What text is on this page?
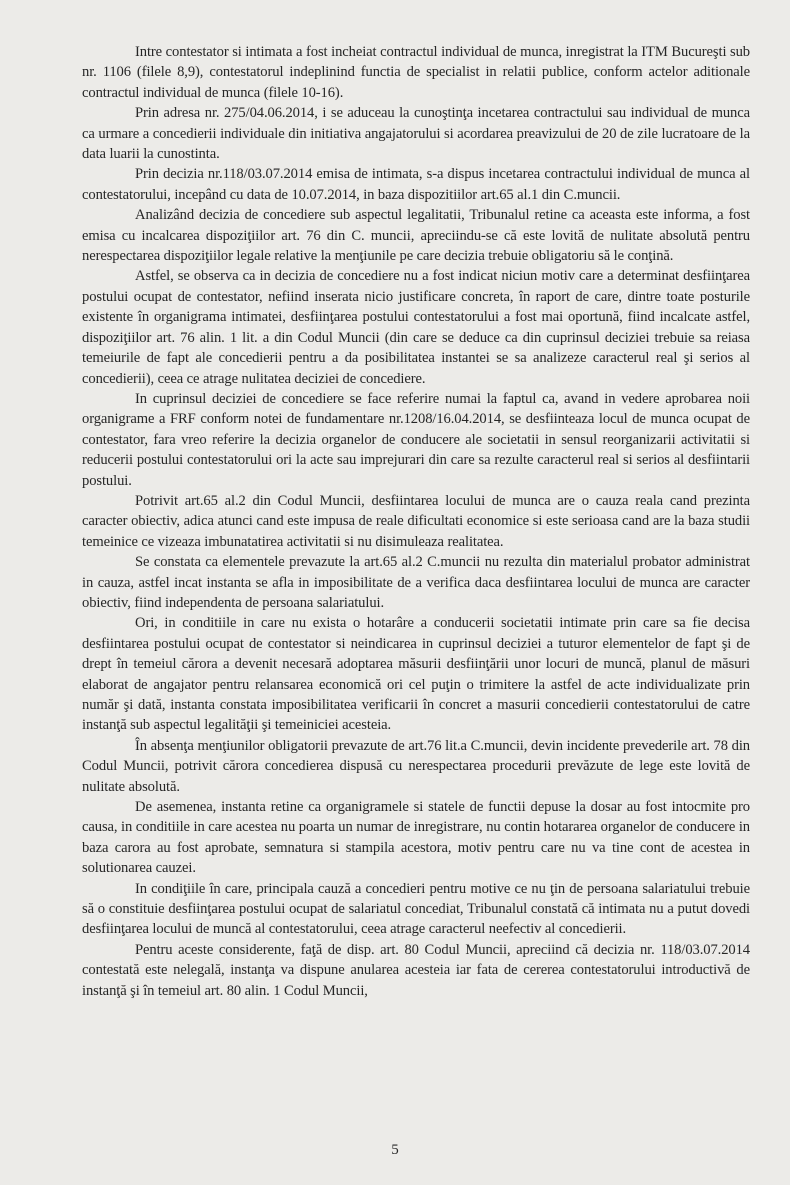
Intre contestator si intimata a fost incheiat contractul individual de munca, inregistrat la ITM Bucureşti sub nr. 1106 (filele 8,9), contestatorul indeplinind functia de specialist in relatii publice, conform actelor aditionale contractul individual de munca (filele 10-16).

Prin adresa nr. 275/04.06.2014, i se aduceau la cunoştinţa incetarea contractului sau individual de munca ca urmare a concedierii individuale din initiativa angajatorului si acordarea preavizului de 20 de zile lucratoare de la data luarii la cunostinta.

Prin decizia nr.118/03.07.2014 emisa de intimata, s-a dispus incetarea contractului individual de munca al contestatorului, incepând cu data de 10.07.2014, in baza dispozitiilor art.65 al.1 din C.muncii.

Analizând decizia de concediere sub aspectul legalitatii, Tribunalul retine ca aceasta este informa, a fost emisa cu incalcarea dispoziţiilor art. 76 din C. muncii, apreciindu-se că este lovită de nulitate absolută pentru nerespectarea dispoziţiilor legale relative la menţiunile pe care decizia trebuie obligatoriu să le conţină.

Astfel, se observa ca in decizia de concediere nu a fost indicat niciun motiv care a determinat desfiinţarea postului ocupat de contestator, nefiind inserata nicio justificare concreta, în raport de care, dintre toate posturile existente în organigrama intimatei, desfiinţarea postului contestatorului a fost mai oportună, fiind incalcate astfel, dispoziţiilor art. 76 alin. 1 lit. a din Codul Muncii (din care se deduce ca din cuprinsul deciziei trebuie sa reiasa temeiurile de fapt ale concedierii pentru a da posibilitatea instantei se sa analizeze caracterul real şi serios al concedierii), ceea ce atrage nulitatea deciziei de concediere.

In cuprinsul deciziei de concediere se face referire numai la faptul ca, avand in vedere aprobarea noii organigrame a FRF conform notei de fundamentare nr.1208/16.04.2014, se desfiinteaza locul de munca ocupat de contestator, fara vreo referire la decizia organelor de conducere ale societatii in sensul reorganizarii activitatii si reducerii postului contestatorului ori la acte sau imprejurari din care sa rezulte caracterul real si serios al desfiintarii postului.

Potrivit art.65 al.2 din Codul Muncii, desfiintarea locului de munca are o cauza reala cand prezinta caracter obiectiv, adica atunci cand este impusa de reale dificultati economice si este serioasa cand are la baza studii temeinice ce vizeaza imbunatatirea activitatii si nu disimuleaza realitatea.

Se constata ca elementele prevazute la art.65 al.2 C.muncii nu rezulta din materialul probator administrat in cauza, astfel incat instanta se afla in imposibilitate de a verifica daca desfiintarea locului de munca are caracter obiectiv, fiind independenta de persoana salariatului.

Ori, in conditiile in care nu exista o hotarâre a conducerii societatii intimate prin care sa fie decisa desfiintarea postului ocupat de contestator si neindicarea in cuprinsul deciziei a tuturor elementelor de fapt şi de drept în temeiul cărora a devenit necesară adoptarea măsurii desfiinţării unor locuri de muncă, planul de măsuri elaborat de angajator pentru relansarea economică ori cel puţin o trimitere la astfel de acte individualizate prin număr şi dată, instanta constata imposibilitatea verificarii în concret a masurii concedierii contestatorului de catre instanţă sub aspectul legalităţii şi temeiniciei acesteia.

În absenţa menţiunilor obligatorii prevazute de art.76 lit.a C.muncii, devin incidente prevederile art. 78 din Codul Muncii, potrivit cărora concedierea dispusă cu nerespectarea procedurii prevăzute de lege este lovită de nulitate absolută.

De asemenea, instanta retine ca organigramele si statele de functii depuse la dosar au fost intocmite pro causa, in conditiile in care acestea nu poarta un numar de inregistrare, nu contin hotararea organelor de conducere in baza carora au fost aprobate, semnatura si stampila acestora, motiv pentru care nu va tine cont de acestea in solutionarea cauzei.

In condiţiile în care, principala cauză a concedieri pentru motive ce nu ţin de persoana salariatului trebuie să o constituie desfiinţarea postului ocupat de salariatul concediat, Tribunalul constată că intimata nu a putut dovedi desfiinţarea locului de muncă al contestatorului, ceea atrage caracterul neefectiv al concedierii.

Pentru aceste considerente, faţă de disp. art. 80 Codul Muncii, apreciind că decizia nr. 118/03.07.2014 contestată este nelegală, instanţa va dispune anularea acesteia iar fata de cererea contestatorului introductivă de instanţă şi în temeiul art. 80 alin. 1 Codul Muncii,

5
